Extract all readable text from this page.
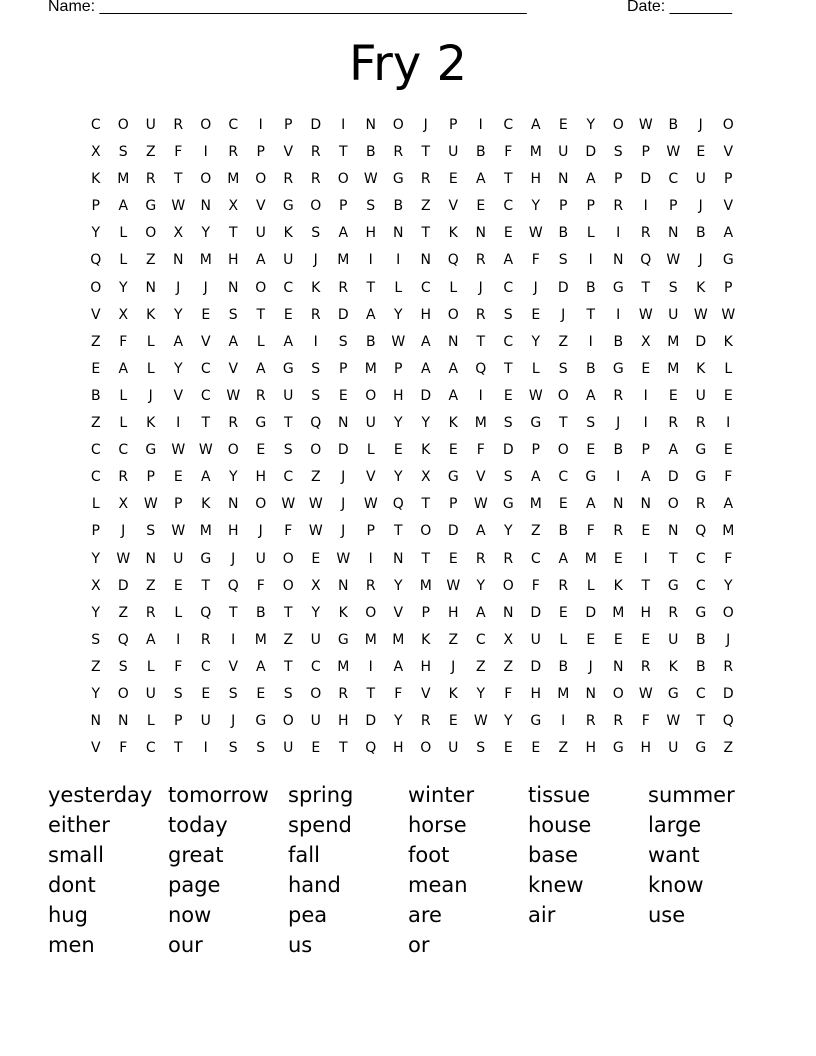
Name: ________________________________________________	Date: _______
Fry 2
C	O	U	R	O	C	I	P	D	I	N	O	J	P	I	C	A	E	Y	O	W	B	J	O
X	S	Z	F	I	R	P	V	R	T	B	R	T	U	B	F	M	U	D	S	P	W	E	V
K	M	R	T	O	M	O	R	R	O	W	G	R	E	A	T	H	N	A	P	D	C	U	P
P	A	G	W	N	X	V	G	O	P	S	B	Z	V	E	C	Y	P	P	R	I	P	J	V
Y	L	O	X	Y	T	U	K	S	A	H	N	T	K	N	E	W	B	L	I	R	N	B	A
Q	L	Z	N	M	H	A	U	J	M	I	I	N	Q	R	A	F	S	I	N	Q	W	J	G
O	Y	N	J	J	N	O	C	K	R	T	L	C	L	J	C	J	D	B	G	T	S	K	P
V	X	K	Y	E	S	T	E	R	D	A	Y	H	O	R	S	E	J	T	I	W	U	W W
Z	F	L	A	V	A	L	A	I	S	B	W	A	N	T	C	Y	Z	I	B	X	M	D	K
E	A	L	Y	C	V	A	G	S	P	M	P	A	A	Q	T	L	S	B	G	E	M	K	L
B	L	J	V	C	W	R	U	S	E	O	H	D	A	I	E	W	O	A	R	I	E	U	E
Z	L	K	I	T	R	G	T	Q	N	U	Y	Y	K	M	S	G	T	S	J	I	R	R	I
C	C	G	W W	O	E	S	O	D	L	E	K	E	F	D	P	O	E	B	P	A	G	E
C	R	P	E	A	Y	H	C	Z	J	V	Y	X	G	V	S	A	C	G	I	A	D	G	F
L	X	W	P	K	N	O	W W	J	W	Q	T	P	W	G	M	E	A	N	N	O	R	A
P	J	S	W	M	H	J	F	W	J	P	T	O	D	A	Y	Z	B	F	R	E	N	Q	M
Y	W	N	U	G	J	U	O	E	W	I	N	T	E	R	R	C	A	M	E	I	T	C	F
X	D	Z	E	T	Q	F	O	X	N	R	Y	M	W	Y	O	F	R	L	K	T	G	C	Y
Y	Z	R	L	Q	T	B	T	Y	K	O	V	P	H	A	N	D	E	D	M	H	R	G	O
S	Q	A	I	R	I	M	Z	U	G	M	M	K	Z	C	X	U	L	E	E	E	U	B	J
Z	S	L	F	C	V	A	T	C	M	I	A	H	J	Z	Z	D	B	J	N	R	K	B	R
Y	O	U	S	E	S	E	S	O	R	T	F	V	K	Y	F	H	M	N	O	W	G	C	D
N	N	L	P	U	J	G	O	U	H	D	Y	R	E	W	Y	G	I	R	R	F	W	T	Q
V	F	C	T	I	S	S	U	E	T	Q	H	O	U	S	E	E	Z	H	G	H	U	G	Z
yesterday tomorrow spring	winter	tissue	summer
either	today	spend	horse	house	large
small	great	fall	foot	base	want
dont	page	hand	mean	knew	know
hug	now	pea	are	air	use
men	our	us	or
